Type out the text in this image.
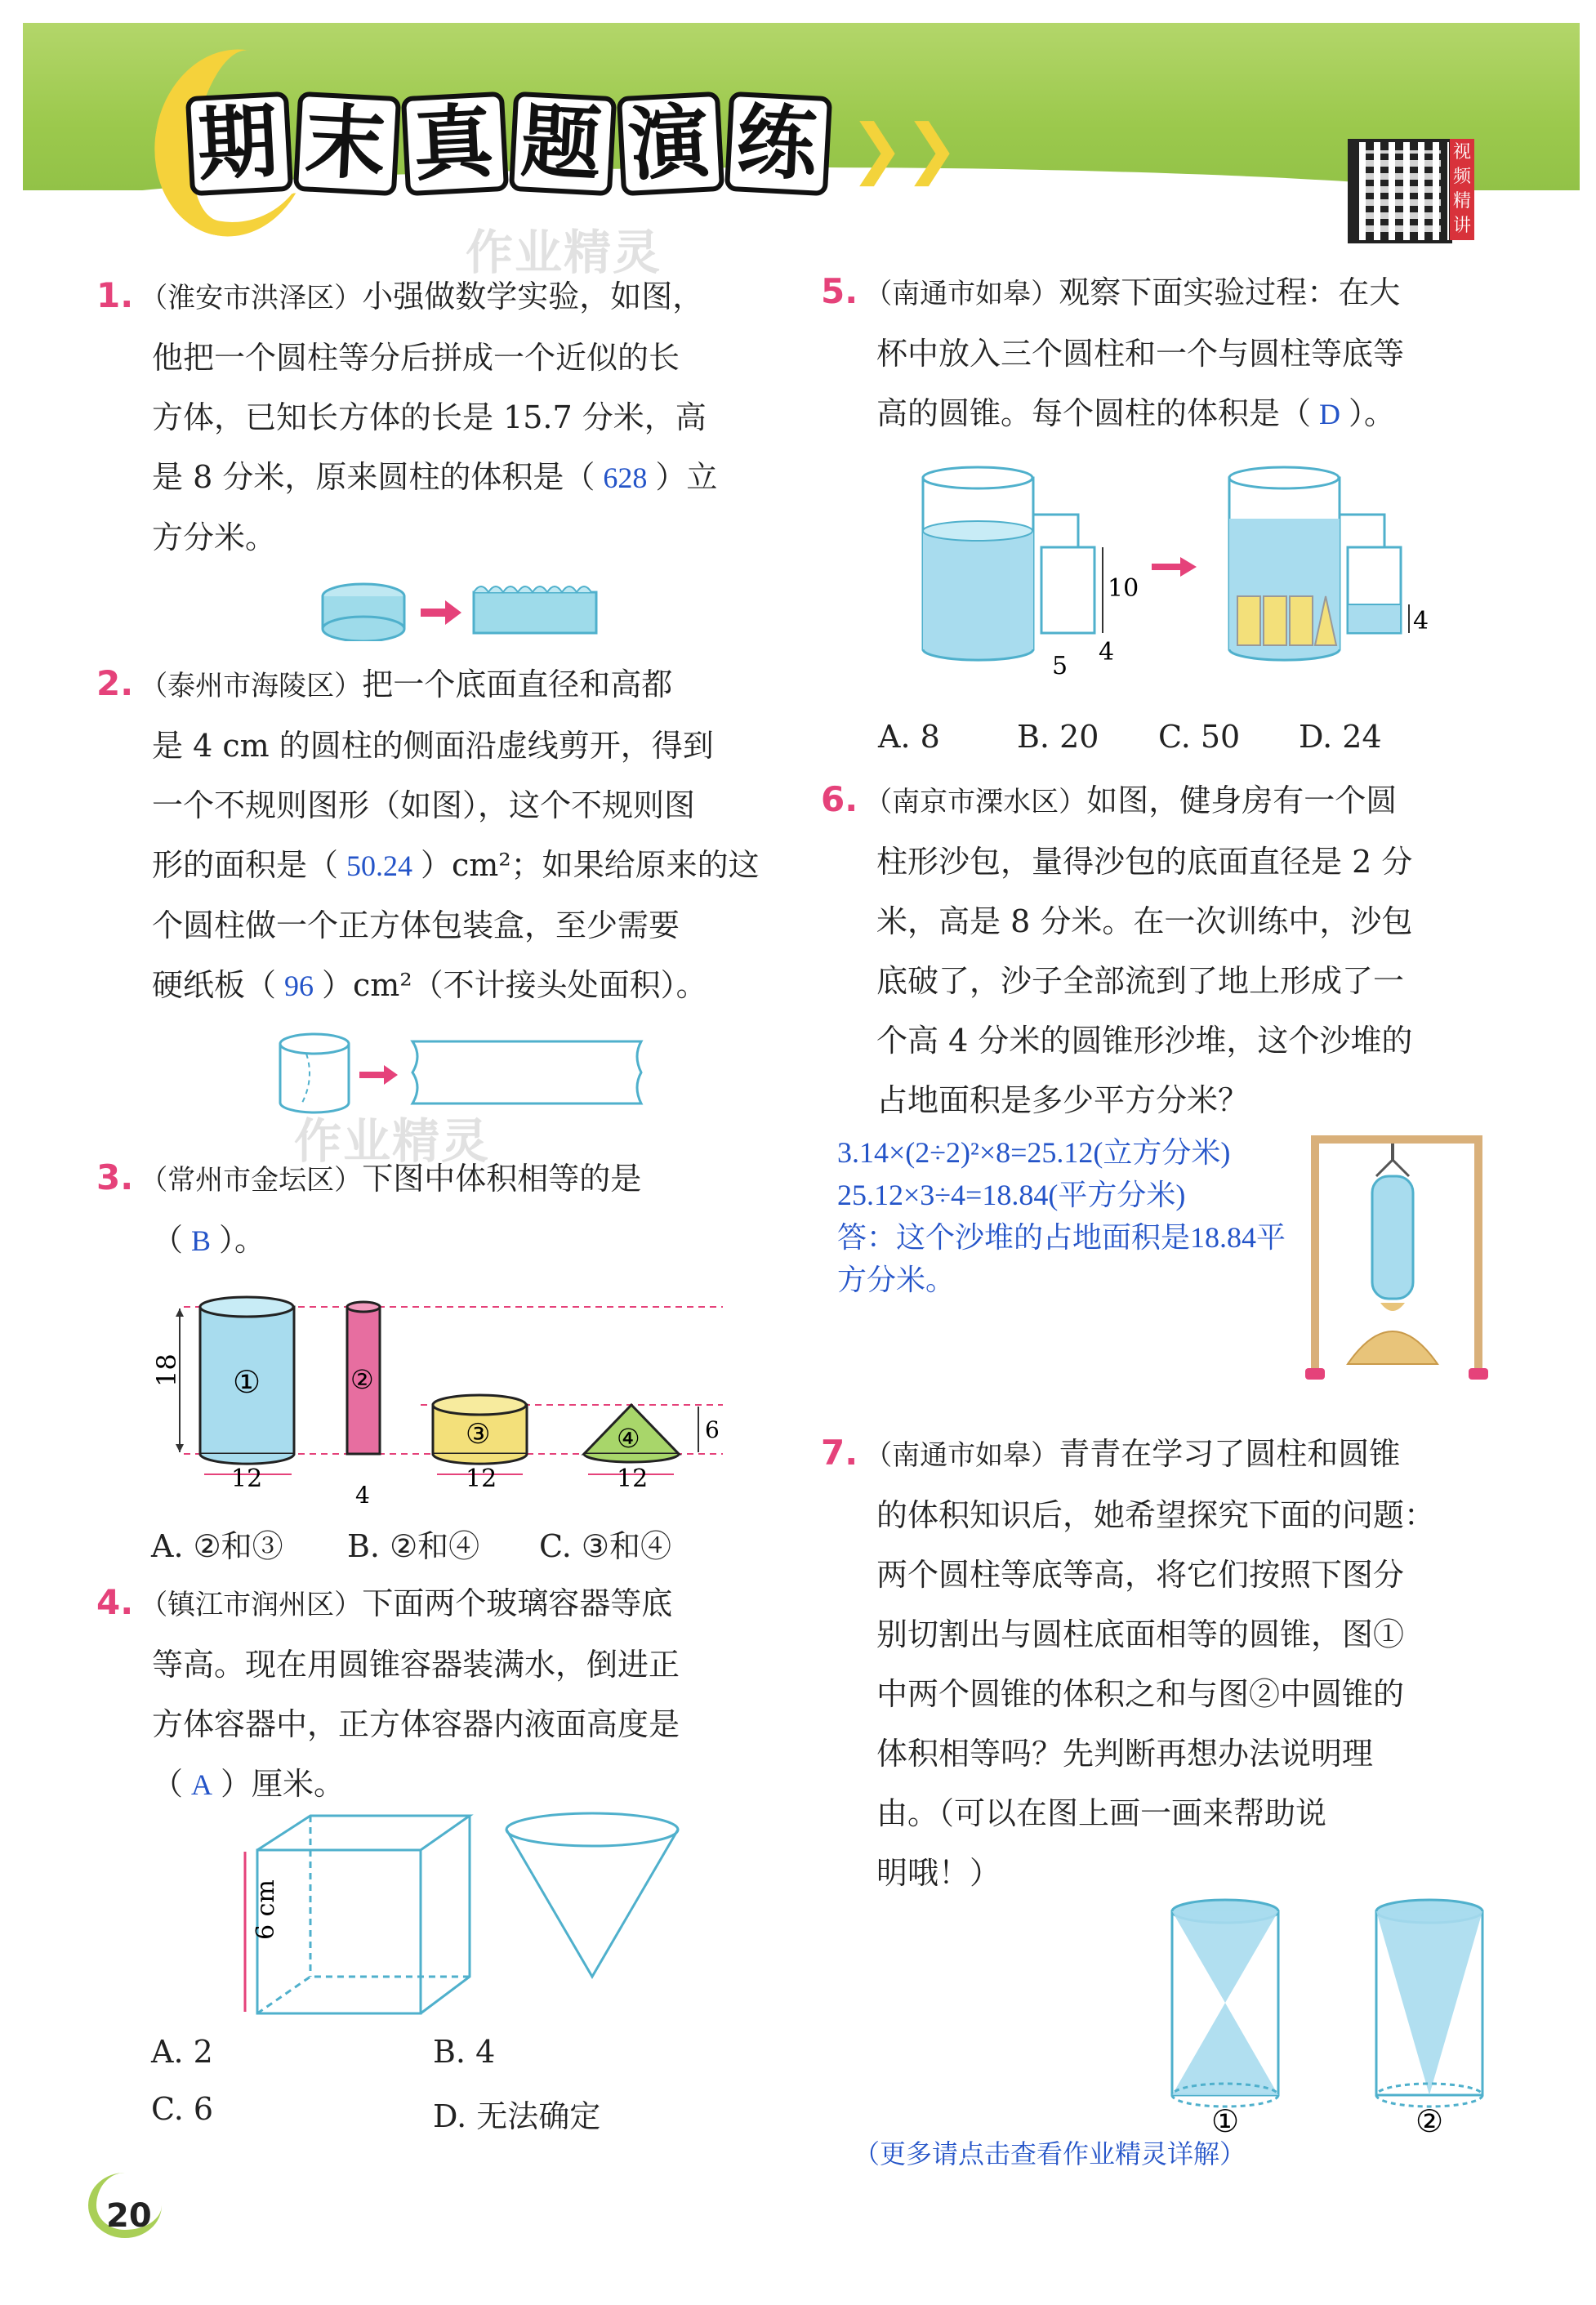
期 末 真 题 演 练 ❯❯	视频精讲
作业精灵
作业精灵
1. （淮安市洪泽区）小强做数学实验，如图，
他把一个圆柱等分后拼成一个近似的长
方体，已知长方体的长是 15.7 分米，高
是 8 分米，原来圆柱的体积是（ 628 ）立
方分米。
2. （泰州市海陵区）把一个底面直径和高都
是 4 cm 的圆柱的侧面沿虚线剪开，得到
一个不规则图形（如图），这个不规则图
形的面积是（ 50.24 ）cm²；如果给原来的这
个圆柱做一个正方体包装盒，至少需要
硬纸板（ 96 ）cm²（不计接头处面积）。
3. （常州市金坛区）下图中体积相等的是
（ B ）。
18 ①
12
②
4
③
12
④
12
6
A. ②和③ B. ②和④ C. ③和④
4. （镇江市润州区）下面两个玻璃容器等底
等高。现在用圆锥容器装满水，倒进正
方体容器中，正方体容器内液面高度是
（ A ）厘米。
6 cm
A. 2	B. 4
C. 6	D. 无法确定
5. （南通市如皋）观察下面实验过程：在大
杯中放入三个圆柱和一个与圆柱等底等
高的圆锥。每个圆柱的体积是（ D ）。
10
5 4
4
A. 8 B. 20 C. 50 D. 24
6. （南京市溧水区）如图，健身房有一个圆
柱形沙包，量得沙包的底面直径是 2 分
米，高是 8 分米。在一次训练中，沙包
底破了，沙子全部流到了地上形成了一
个高 4 分米的圆锥形沙堆，这个沙堆的
占地面积是多少平方分米？
3.14×(2÷2)²×8=25.12(立方分米)
25.12×3÷4=18.84(平方分米)
答：这个沙堆的占地面积是18.84平
方分米。
7. （南通市如皋）青青在学习了圆柱和圆锥
的体积知识后，她希望探究下面的问题：
两个圆柱等底等高，将它们按照下图分
别切割出与圆柱底面相等的圆锥，图①
中两个圆锥的体积之和与图②中圆锥的
体积相等吗？先判断再想办法说明理
由。（可以在图上画一画来帮助说
明哦！）
①	②
（更多请点击查看作业精灵详解）
20
